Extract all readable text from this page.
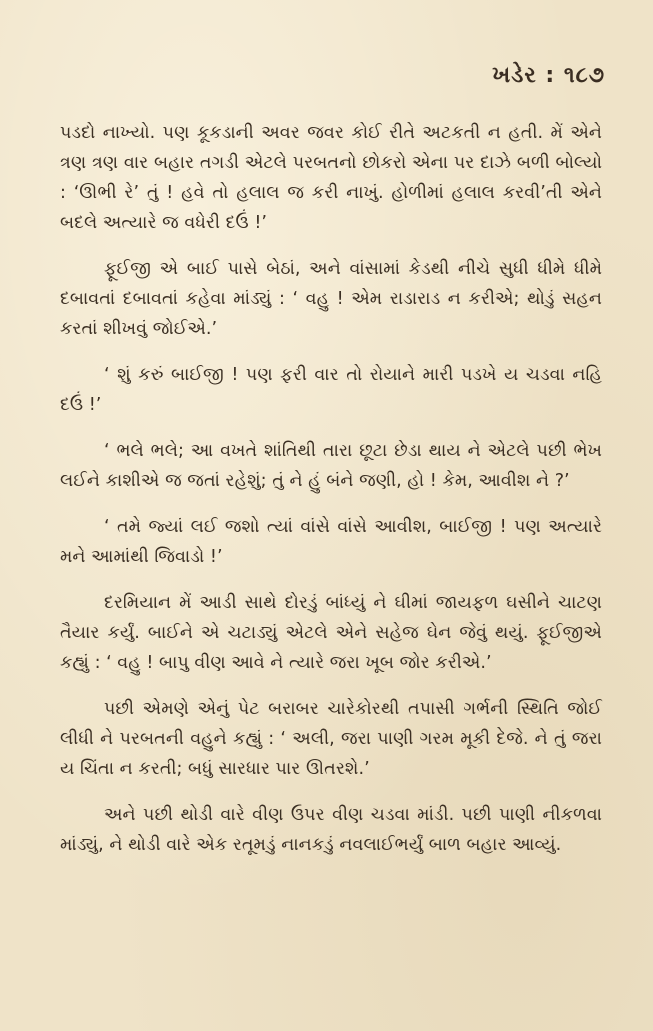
ખડેર : ૧૮૭

પડદો નાખ્યો. પણ કૂકડાની અવર જવર કોઈ રીતે અટકતી ન હતી. મેં એને ત્રણ ત્રણ વાર બહાર તગડી એટલે પરબતનો છોકરો એના પર દાઝે બળી બોલ્યો : ‘ઊભી રે’ તું ! હવે તો હલાલ જ કરી નાખું. હોળીમાં હલાલ કરવી’તી એને બદલે અત્યારે જ વધેરી દઉં !’

ફૂઈજી એ બાઈ પાસે બેઠાં, અને વાંસામાં કેડથી નીચે સુધી ધીમે ધીમે દબાવતાં દબાવતાં કહેવા માંડ્યું : ‘ વહુ ! એમ રાડારાડ ન કરીએ; થોડું સહન કરતાં શીખવું જોઈએ.’

‘ શું કરું બાઈજી ! પણ ફરી વાર તો રોયાને મારી પડખે ય ચડવા નહિ દઉં !’

‘ ભલે ભલે; આ વખતે શાંતિથી તારા છૂટા છેડા થાય ને એટલે પછી ભેખ લઈને કાશીએ જ જતાં રહેશું; તું ને હું બંને જણી, હો ! કેમ, આવીશ ને ?’

‘ તમે જ્યાં લઈ જશો ત્યાં વાંસે વાંસે આવીશ, બાઈજી ! પણ અત્યારે મને આમાંથી જિવાડો !’

દરમિયાન મેં આડી સાથે દોરડું બાંધ્યું ને ઘીમાં જાયફળ ઘસીને ચાટણ તૈયાર કર્યું. બાઈને એ ચટાડ્યું એટલે એને સહેજ ઘેન જેવું થયું. ફૂઈજીએ કહ્યું : ‘ વહુ ! બાપુ વીણ આવે ને ત્યારે જરા ખૂબ જોર કરીએ.’

પછી એમણે એનું પેટ બરાબર ચારેકોરથી તપાસી ગર્ભની સ્થિતિ જોઈ લીધી ને પરબતની વહુને કહ્યું : ‘ અલી, જરા પાણી ગરમ મૂકી દેજે. ને તું જરા ય ચિંતા ન કરતી; બધું સારધાર પાર ઊતરશે.’

અને પછી થોડી વારે વીણ ઉપર વીણ ચડવા માંડી. પછી પાણી નીકળવા માંડ્યું, ને થોડી વારે એક રતૂમડું નાનકડું નવલાઈભર્યું બાળ બહાર આવ્યું.
